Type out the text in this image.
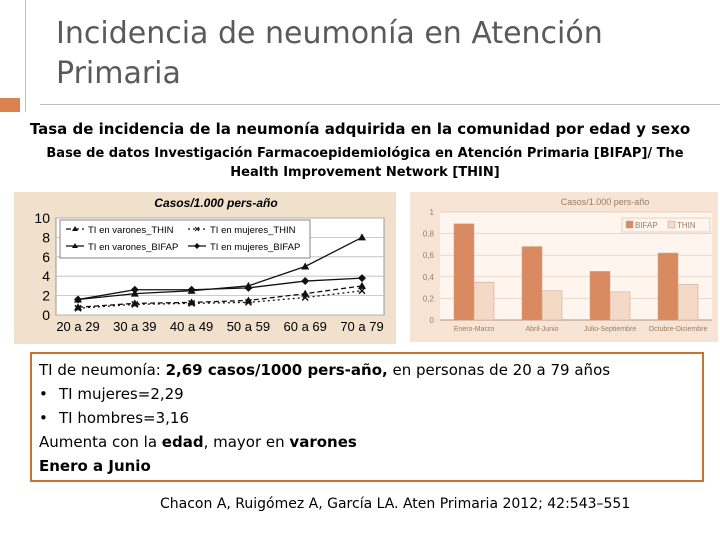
Incidencia de neumonía en Atención
Primaria
Tasa de incidencia de la neumonía adquirida en la comunidad por edad y sexo
Base de datos Investigación Farmacoepidemiológica en Atención Primaria [BIFAP]/ The
Health Improvement Network [THIN]
0
2
4
6
8
10
20 a 29 30 a 39 40 a 49 50 a 59 60 a 69 70 a 79
Casos/1.000 pers-año
TI en varones_THIN	TI en mujeres_THIN
TI en varones_BIFAP	TI en mujeres_BIFAP
0
0,2
0,4
0,6
0,8
1
Enero-Marzo	Abril-Junio	Julio-Septiembre Octubre-Diciembre
Casos/1.000 pers-año
BIFAP THIN
TI de neumonía: 2,69 casos/1000 pers-año, en personas de 20 a 79 años
• TI mujeres=2,29
• TI hombres=3,16
Aumenta con la edad, mayor en varones
Enero a Junio
Chacon A, Ruigómez A, García LA. Aten Primaria 2012; 42:543–551
